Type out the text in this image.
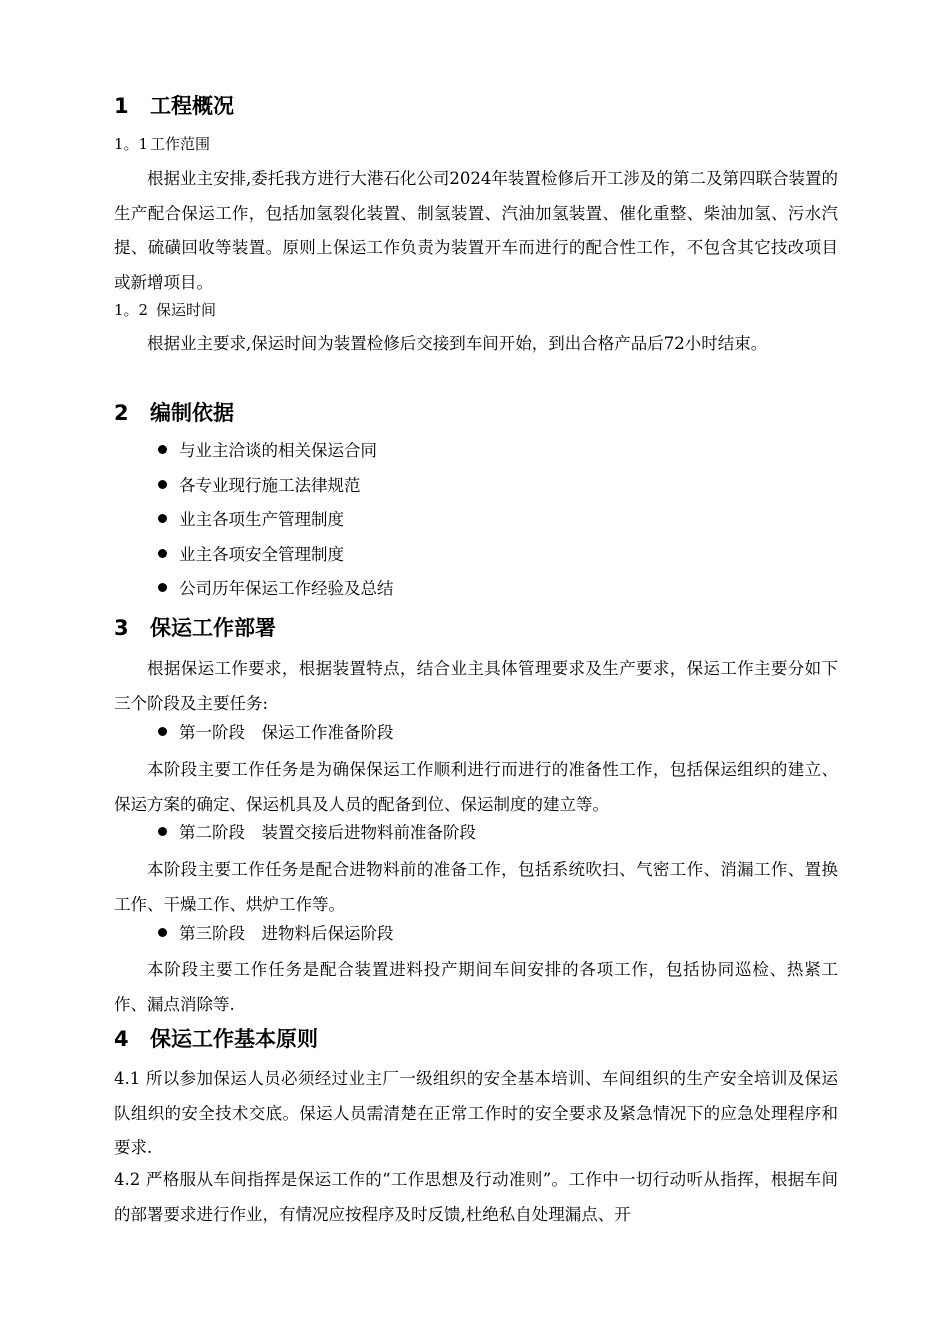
1 工程概况
1。1 工作范围
根据业主安排,委托我方进行大港石化公司2024年装置检修后开工涉及的第二及第四联合装置的生产配合保运工作，包括加氢裂化装置、制氢装置、汽油加氢装置、催化重整、柴油加氢、污水汽提、硫磺回收等装置。原则上保运工作负责为装置开车而进行的配合性工作，不包含其它技改项目或新增项目。
1。2 保运时间
根据业主要求,保运时间为装置检修后交接到车间开始，到出合格产品后72小时结束。
2 编制依据
与业主洽谈的相关保运合同
各专业现行施工法律规范
业主各项生产管理制度
业主各项安全管理制度
公司历年保运工作经验及总结
3 保运工作部署
根据保运工作要求，根据装置特点，结合业主具体管理要求及生产要求，保运工作主要分如下三个阶段及主要任务:
第一阶段　保运工作准备阶段
本阶段主要工作任务是为确保保运工作顺利进行而进行的准备性工作，包括保运组织的建立、保运方案的确定、保运机具及人员的配备到位、保运制度的建立等。
第二阶段　装置交接后进物料前准备阶段
本阶段主要工作任务是配合进物料前的准备工作，包括系统吹扫、气密工作、消漏工作、置换工作、干燥工作、烘炉工作等。
第三阶段　进物料后保运阶段
本阶段主要工作任务是配合装置进料投产期间车间安排的各项工作，包括协同巡检、热紧工作、漏点消除等.
4 保运工作基本原则
4.1 所以参加保运人员必须经过业主厂一级组织的安全基本培训、车间组织的生产安全培训及保运队组织的安全技术交底。保运人员需清楚在正常工作时的安全要求及紧急情况下的应急处理程序和要求.
4.2 严格服从车间指挥是保运工作的“工作思想及行动准则”。工作中一切行动听从指挥，根据车间的部署要求进行作业，有情况应按程序及时反馈,杜绝私自处理漏点、开
